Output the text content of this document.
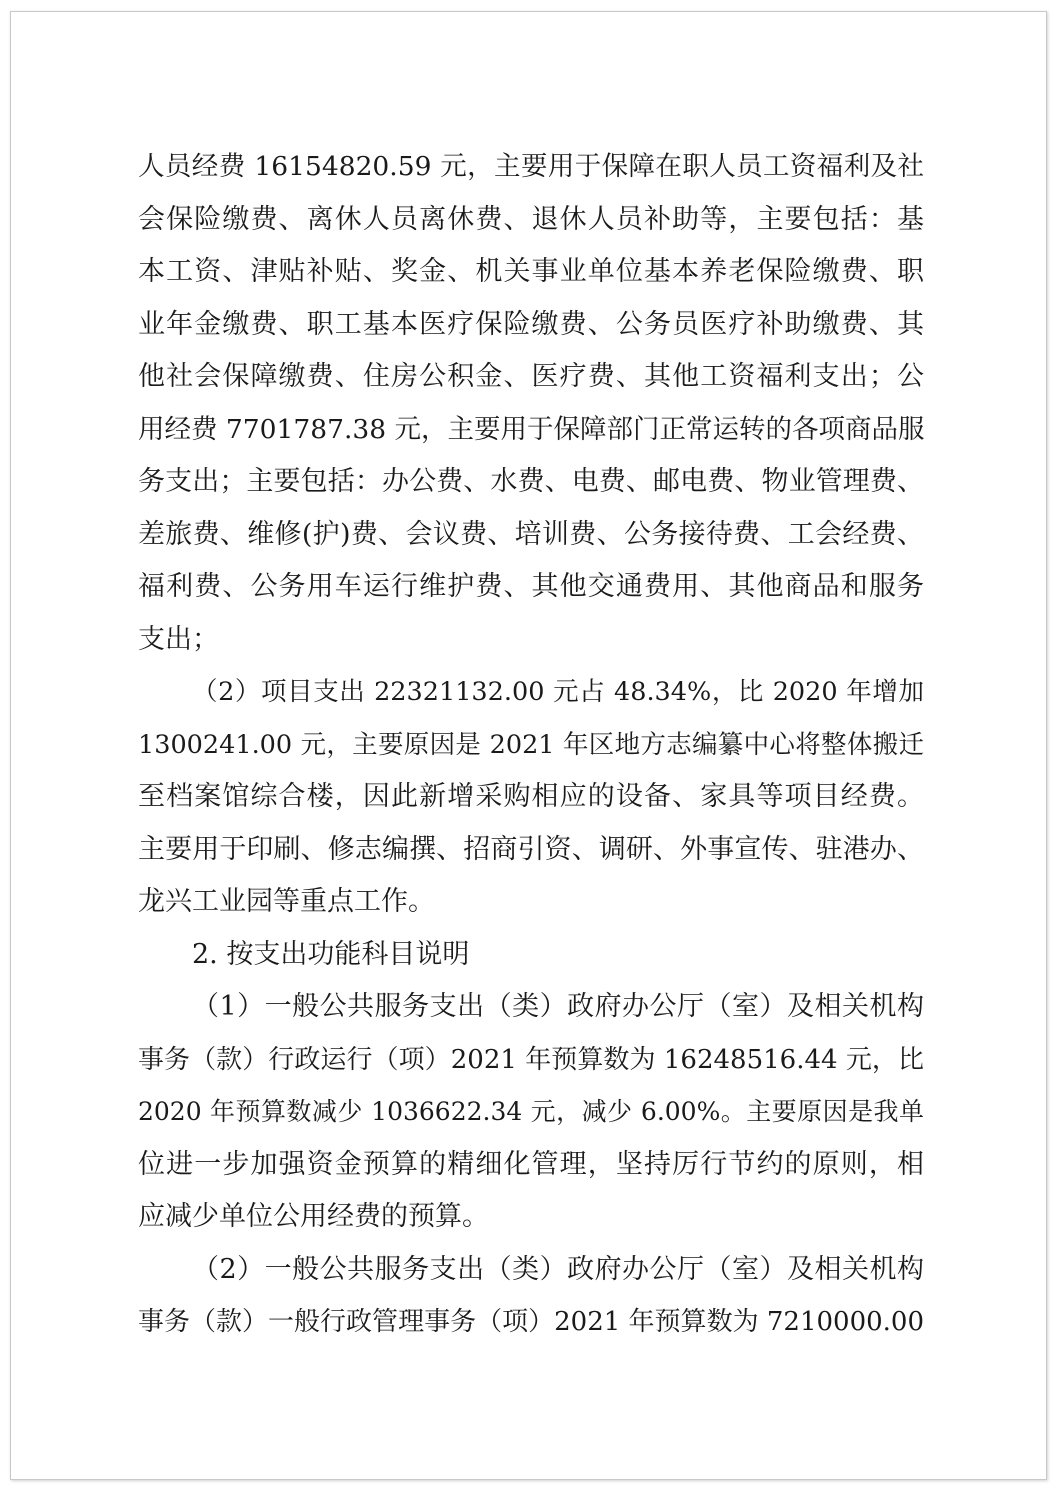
人员经费 16154820.59 元，主要用于保障在职人员工资福利及社
会保险缴费、离休人员离休费、退休人员补助等，主要包括：基
本工资、津贴补贴、奖金、机关事业单位基本养老保险缴费、职
业年金缴费、职工基本医疗保险缴费、公务员医疗补助缴费、其
他社会保障缴费、住房公积金、医疗费、其他工资福利支出；公
用经费 7701787.38 元，主要用于保障部门正常运转的各项商品服
务支出；主要包括：办公费、水费、电费、邮电费、物业管理费、
差旅费、维修(护)费、会议费、培训费、公务接待费、工会经费、
福利费、公务用车运行维护费、其他交通费用、其他商品和服务
支出；
（2）项目支出 22321132.00 元占 48.34%，比 2020 年增加
1300241.00 元，主要原因是 2021 年区地方志编纂中心将整体搬迁
至档案馆综合楼，因此新增采购相应的设备、家具等项目经费。
主要用于印刷、修志编撰、招商引资、调研、外事宣传、驻港办、
龙兴工业园等重点工作。
2. 按支出功能科目说明
（1）一般公共服务支出（类）政府办公厅（室）及相关机构
事务（款）行政运行（项）2021 年预算数为 16248516.44 元，比
2020 年预算数减少 1036622.34 元，减少 6.00%。主要原因是我单
位进一步加强资金预算的精细化管理，坚持厉行节约的原则，相
应减少单位公用经费的预算。
（2）一般公共服务支出（类）政府办公厅（室）及相关机构
事务（款）一般行政管理事务（项）2021 年预算数为 7210000.00
